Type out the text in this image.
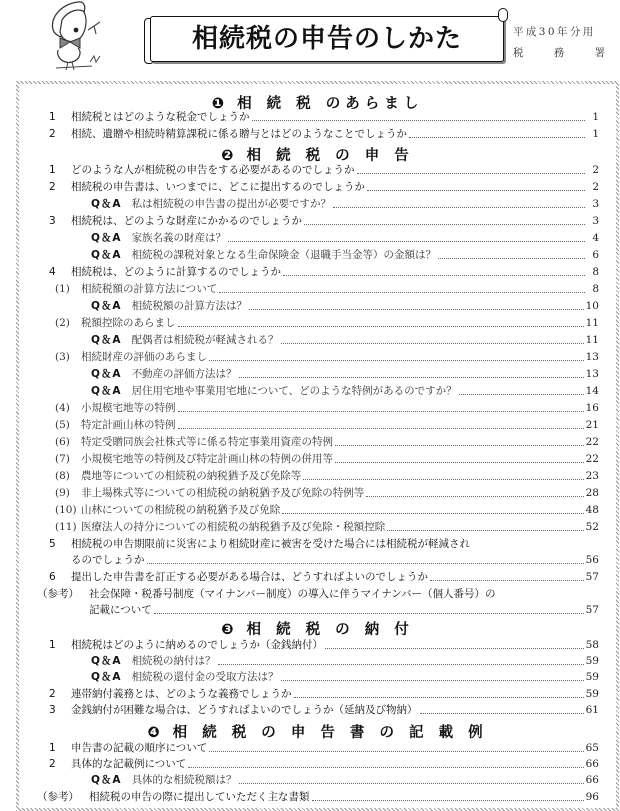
相続税の申告のしかた	平成30年分用
税	務	署
❶ 相 続 税 のあらまし
1	相続税とはどのような税金でしょうか	1
2	相続、遺贈や相続時精算課税に係る贈与とはどのようなことでしょうか	1
❷ 相 続 税 の 申 告
1	どのような人が相続税の申告をする必要があるのでしょうか	2
2	相続税の申告書は、いつまでに、どこに提出するのでしょうか	2
Q＆A 私は相続税の申告書の提出が必要ですか？	3
3	相続税は、どのような財産にかかるのでしょうか	3
Q＆A 家族名義の財産は？	4
Q＆A 相続税の課税対象となる生命保険金（退職手当金等）の金額は？	6
4	相続税は、どのように計算するのでしょうか	8
(1)	相続税額の計算方法について	8
Q＆A 相続税額の計算方法は？	10
(2)	税額控除のあらまし	11
Q＆A 配偶者は相続税が軽減される？	11
(3)	相続財産の評価のあらまし	13
Q＆A 不動産の評価方法は？	13
Q＆A 居住用宅地や事業用宅地について、どのような特例があるのですか？	14
(4)	小規模宅地等の特例	16
(5)	特定計画山林の特例	21
(6)	特定受贈同族会社株式等に係る特定事業用資産の特例	22
(7)	小規模宅地等の特例及び特定計画山林の特例の併用等	22
(8)	農地等についての相続税の納税猶予及び免除等	23
(9)	非上場株式等についての相続税の納税猶予及び免除の特例等	28
(10) 山林についての相続税の納税猶予及び免除	48
(11) 医療法人の持分についての相続税の納税猶予及び免除・税額控除	52
5	相続税の申告期限前に災害により相続財産に被害を受けた場合には相続税が軽減され
るのでしょうか	56
6	提出した申告書を訂正する必要がある場合は、どうすればよいのでしょうか	57
（参考） 社会保障・税番号制度（マイナンバー制度）の導入に伴うマイナンバー（個人番号）の
記載について	57
❸ 相 続 税 の 納 付
1	相続税はどのように納めるのでしょうか（金銭納付）	58
Q＆A 相続税の納付は？	59
Q＆A 相続税の還付金の受取方法は？	59
2	連帯納付義務とは、どのような義務でしょうか	59
3	金銭納付が困難な場合は、どうすればよいのでしょうか（延納及び物納）	61
❹ 相 続 税 の 申 告 書 の 記 載 例
1	申告書の記載の順序について	65
2	具体的な記載例について	66
Q＆A 具体的な相続税額は？	66
（参考） 相続税の申告の際に提出していただく主な書類	96
